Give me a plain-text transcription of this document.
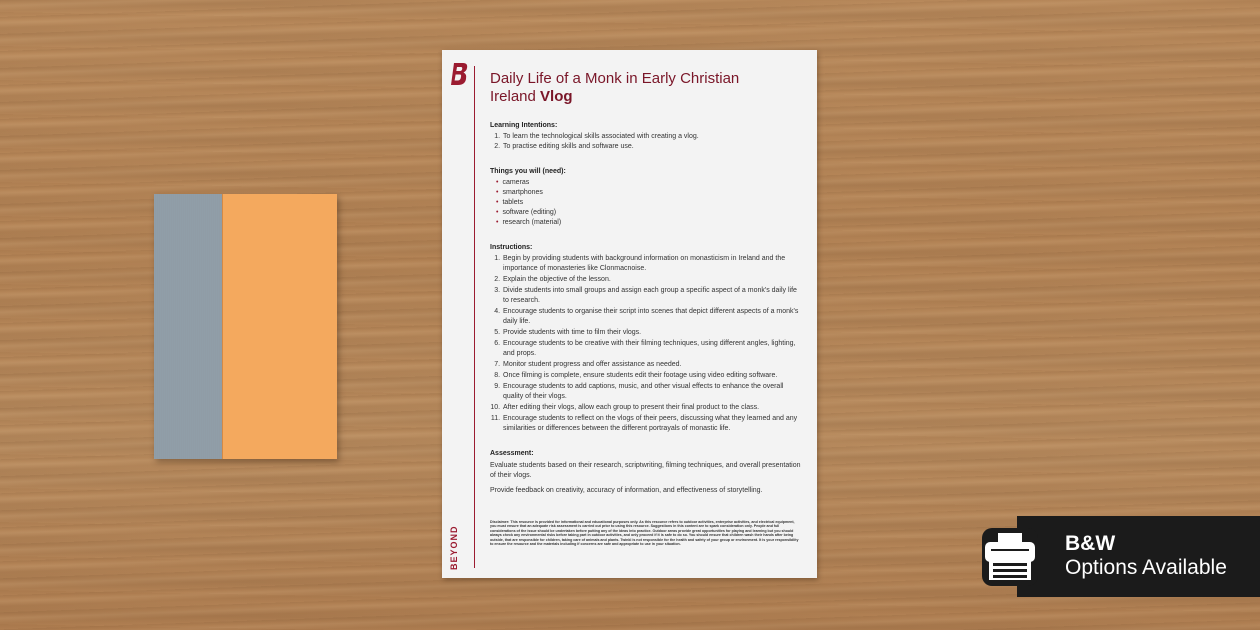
BEYOND
Daily Life of a Monk in Early Christian
Ireland Vlog
Learning Intentions:
1. To learn the technological skills associated with creating a vlog.
2. To practise editing skills and software use.
Things you will (need):
• cameras
• smartphones
• tablets
• software (editing)
• research (material)
Instructions:
1. Begin by providing students with background information on monasticism in Ireland and the importance of monasteries like Clonmacnoise.
2. Explain the objective of the lesson.
3. Divide students into small groups and assign each group a specific aspect of a monk's daily life to research.
4. Encourage students to organise their script into scenes that depict different aspects of a monk's daily life.
5. Provide students with time to film their vlogs.
6. Encourage students to be creative with their filming techniques, using different angles, lighting, and props.
7. Monitor student progress and offer assistance as needed.
8. Once filming is complete, ensure students edit their footage using video editing software.
9. Encourage students to add captions, music, and other visual effects to enhance the overall quality of their vlogs.
10. After editing their vlogs, allow each group to present their final product to the class.
11. Encourage students to reflect on the vlogs of their peers, discussing what they learned and any similarities or differences between the different portrayals of monastic life.
Assessment:

Evaluate students based on their research, scriptwriting, filming techniques, and overall presentation of their vlogs.

Provide feedback on creativity, accuracy of information, and effectiveness of storytelling.

Disclaimer: This resource is provided for informational and educational purposes only. As this resource refers to outdoor activities, enterprise activities, and electrical equipment, you must ensure that an adequate risk assessment is carried out prior to using this resource. Suggestions in this content are to spark consideration only. People and full considerations of the issue should be undertaken before putting any of the ideas into practice. Outdoor areas provide great opportunities for playing and learning but you should always check any environmental risks before taking part in outdoor activities, and only proceed if it is safe to do so. You should ensure that children wash their hands after being outside, that are responsible for children, taking care of animals and plants. Twinkl is not responsible for the health and safety of your group or environment. It is your responsibility to ensure the resource and the materials including if concerns are safe and appropriate to use in your situation.	B&W
Options Available
